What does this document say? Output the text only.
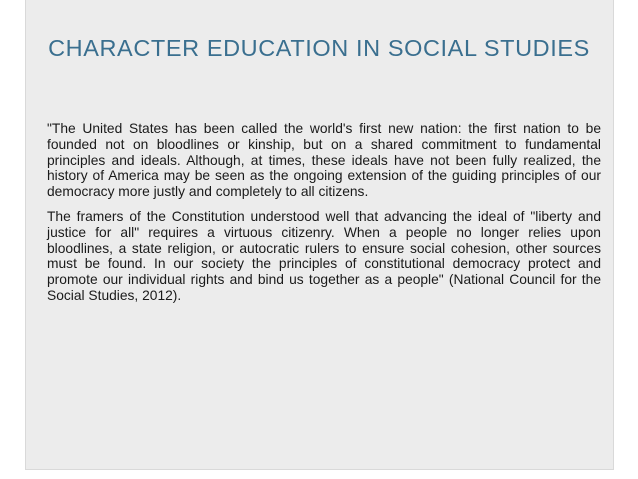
CHARACTER EDUCATION IN SOCIAL STUDIES

"The United States has been called the world's first new nation: the first nation to be founded not on bloodlines or kinship, but on a shared commitment to fundamental principles and ideals. Although, at times, these ideals have not been fully realized, the history of America may be seen as the ongoing extension of the guiding principles of our democracy more justly and completely to all citizens.

The framers of the Constitution understood well that advancing the ideal of "liberty and justice for all" requires a virtuous citizenry. When a people no longer relies upon bloodlines, a state religion, or autocratic rulers to ensure social cohesion, other sources must be found. In our society the principles of constitutional democracy protect and promote our individual rights and bind us together as a people" (National Council for the Social Studies, 2012).
